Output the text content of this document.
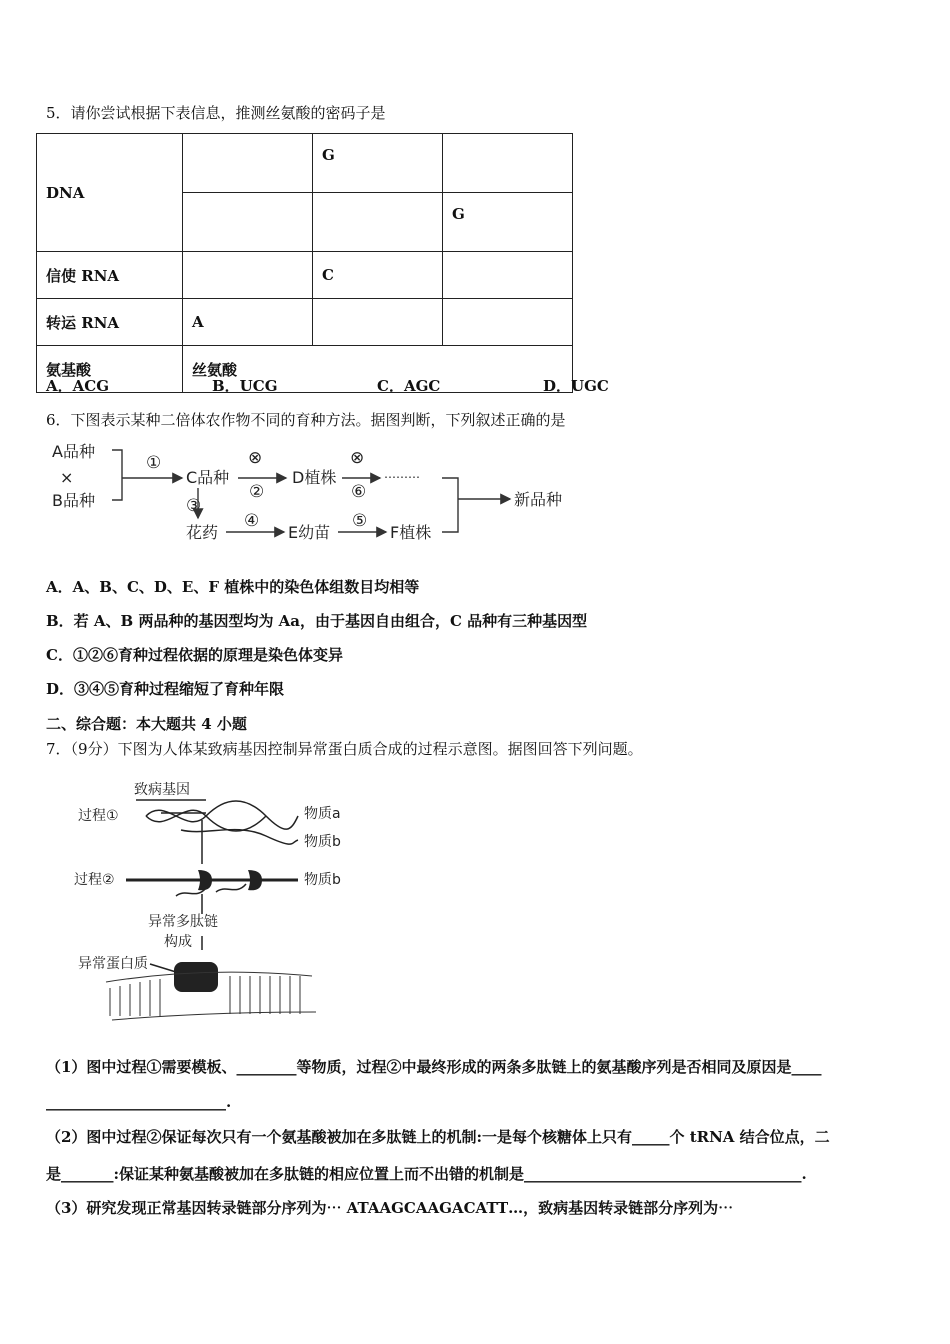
5．请你尝试根据下表信息，推测丝氨酸的密码子是
DNA		G	
			G
信使 RNA		C	
转运 RNA	A		
氨基酸	丝氨酸		
A．ACG	B．UCG	C．AGC	D．UGC
6．下图表示某种二倍体农作物不同的育种方法。据图判断，下列叙述正确的是
A品种
×
B品种
C品种	D植株
花药	E幼苗	F植株
新品种
①	⊗
②
⊗
⑥
③
④	⑤
………
A．A、B、C、D、E、F 植株中的染色体组数目均相等
B．若 A、B 两品种的基因型均为 Aa，由于基因自由组合，C 品种有三种基因型
C．①②⑥育种过程依据的原理是染色体变异
D．③④⑤育种过程缩短了育种年限
二、综合题：本大题共 4 小题
7．（9分）下图为人体某致病基因控制异常蛋白质合成的过程示意图。据图回答下列问题。
致病基因
过程①
过程②
物质a
物质b
物质b
异常多肽链
构成
异常蛋白质
（1）图中过程①需要模板、________等物质，过程②中最终形成的两条多肽链上的氨基酸序列是否相同及原因是____
________________________.
（2）图中过程②保证每次只有一个氨基酸被加在多肽链上的机制:一是每个核糖体上只有_____个 tRNA 结合位点，二
是_______:保证某种氨基酸被加在多肽链的相应位置上而不出错的机制是_____________________________________.
（3）研究发现正常基因转录链部分序列为⋯ ATAAGCAAGACATT…，致病基因转录链部分序列为⋯
